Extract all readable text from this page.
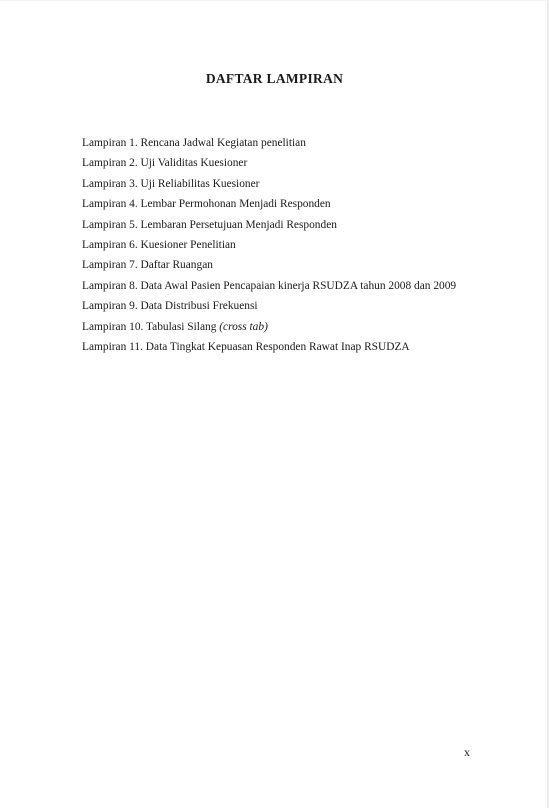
DAFTAR LAMPIRAN
Lampiran 1. Rencana Jadwal Kegiatan penelitian
Lampiran 2. Uji Validitas Kuesioner
Lampiran 3. Uji Reliabilitas Kuesioner
Lampiran 4. Lembar Permohonan Menjadi Responden
Lampiran 5. Lembaran Persetujuan Menjadi Responden
Lampiran 6. Kuesioner Penelitian
Lampiran 7. Daftar Ruangan
Lampiran 8. Data Awal Pasien Pencapaian kinerja RSUDZA tahun 2008 dan 2009
Lampiran 9. Data Distribusi Frekuensi
Lampiran 10. Tabulasi Silang (cross tab)
Lampiran 11. Data Tingkat Kepuasan Responden Rawat Inap RSUDZA
x
